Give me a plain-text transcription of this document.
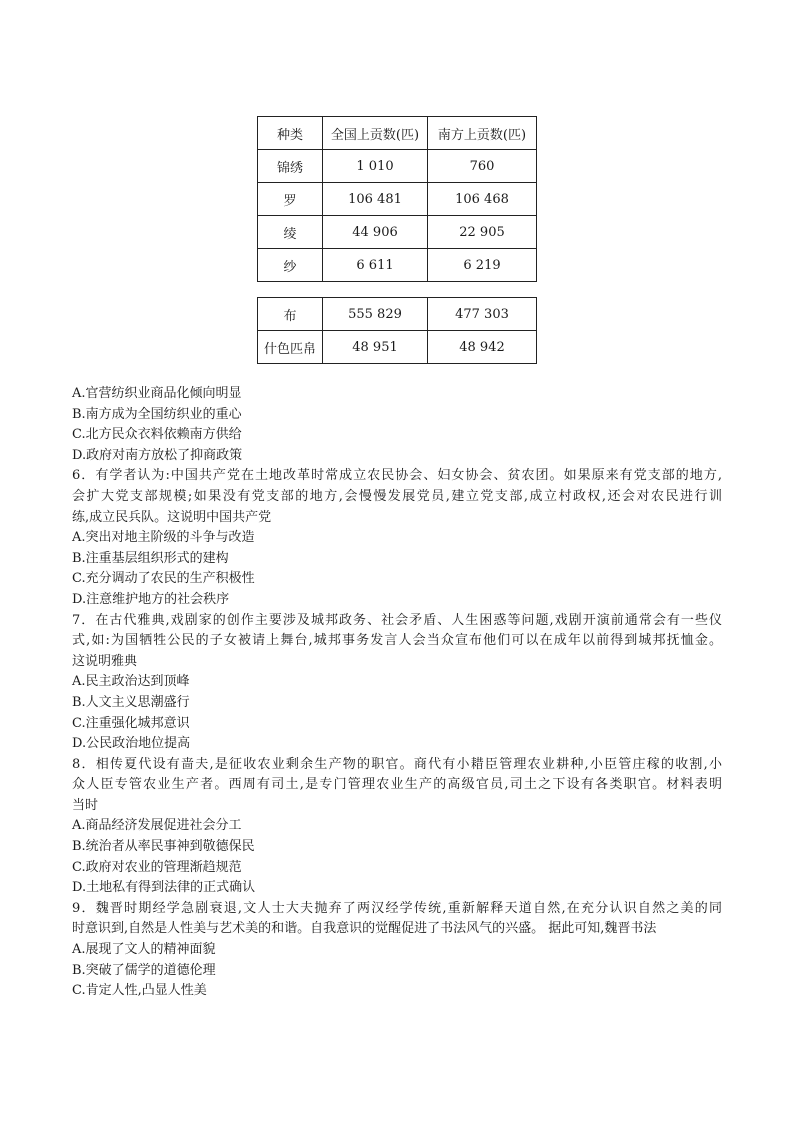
种类	全国上贡数(匹)	南方上贡数(匹)
锦绣	1 010	760
罗	106 481	106 468
绫	44 906	22 905
纱	6 611	6 219
布	555 829	477 303
什色匹帛	48 951	48 942
A.官营纺织业商品化倾向明显
B.南方成为全国纺织业的重心
C.北方民众衣料依赖南方供给
D.政府对南方放松了抑商政策
6．有学者认为:中国共产党在土地改革时常成立农民协会、妇女协会、贫农团。如果原来有党支部的地方,
会扩大党支部规模;如果没有党支部的地方,会慢慢发展党员,建立党支部,成立村政权,还会对农民进行训
练,成立民兵队。这说明中国共产党
A.突出对地主阶级的斗争与改造
B.注重基层组织形式的建构
C.充分调动了农民的生产积极性
D.注意维护地方的社会秩序
7．在古代雅典,戏剧家的创作主要涉及城邦政务、社会矛盾、人生困惑等问题,戏剧开演前通常会有一些仪
式,如:为国牺牲公民的子女被请上舞台,城邦事务发言人会当众宣布他们可以在成年以前得到城邦抚恤金。
这说明雅典
A.民主政治达到顶峰
B.人文主义思潮盛行
C.注重强化城邦意识
D.公民政治地位提高
8．相传夏代设有啬夫,是征收农业剩余生产物的职官。商代有小耤臣管理农业耕种,小臣管庄稼的收割,小
众人臣专管农业生产者。西周有司土,是专门管理农业生产的高级官员,司土之下设有各类职官。材料表明
当时
A.商品经济发展促进社会分工
B.统治者从率民事神到敬德保民
C.政府对农业的管理渐趋规范
D.土地私有得到法律的正式确认
9．魏晋时期经学急剧衰退,文人士大夫抛弃了两汉经学传统,重新解释天道自然,在充分认识自然之美的同
时意识到,自然是人性美与艺术美的和谐。自我意识的觉醒促进了书法风气的兴盛。 据此可知,魏晋书法
A.展现了文人的精神面貌
B.突破了儒学的道德伦理
C.肯定人性,凸显人性美
